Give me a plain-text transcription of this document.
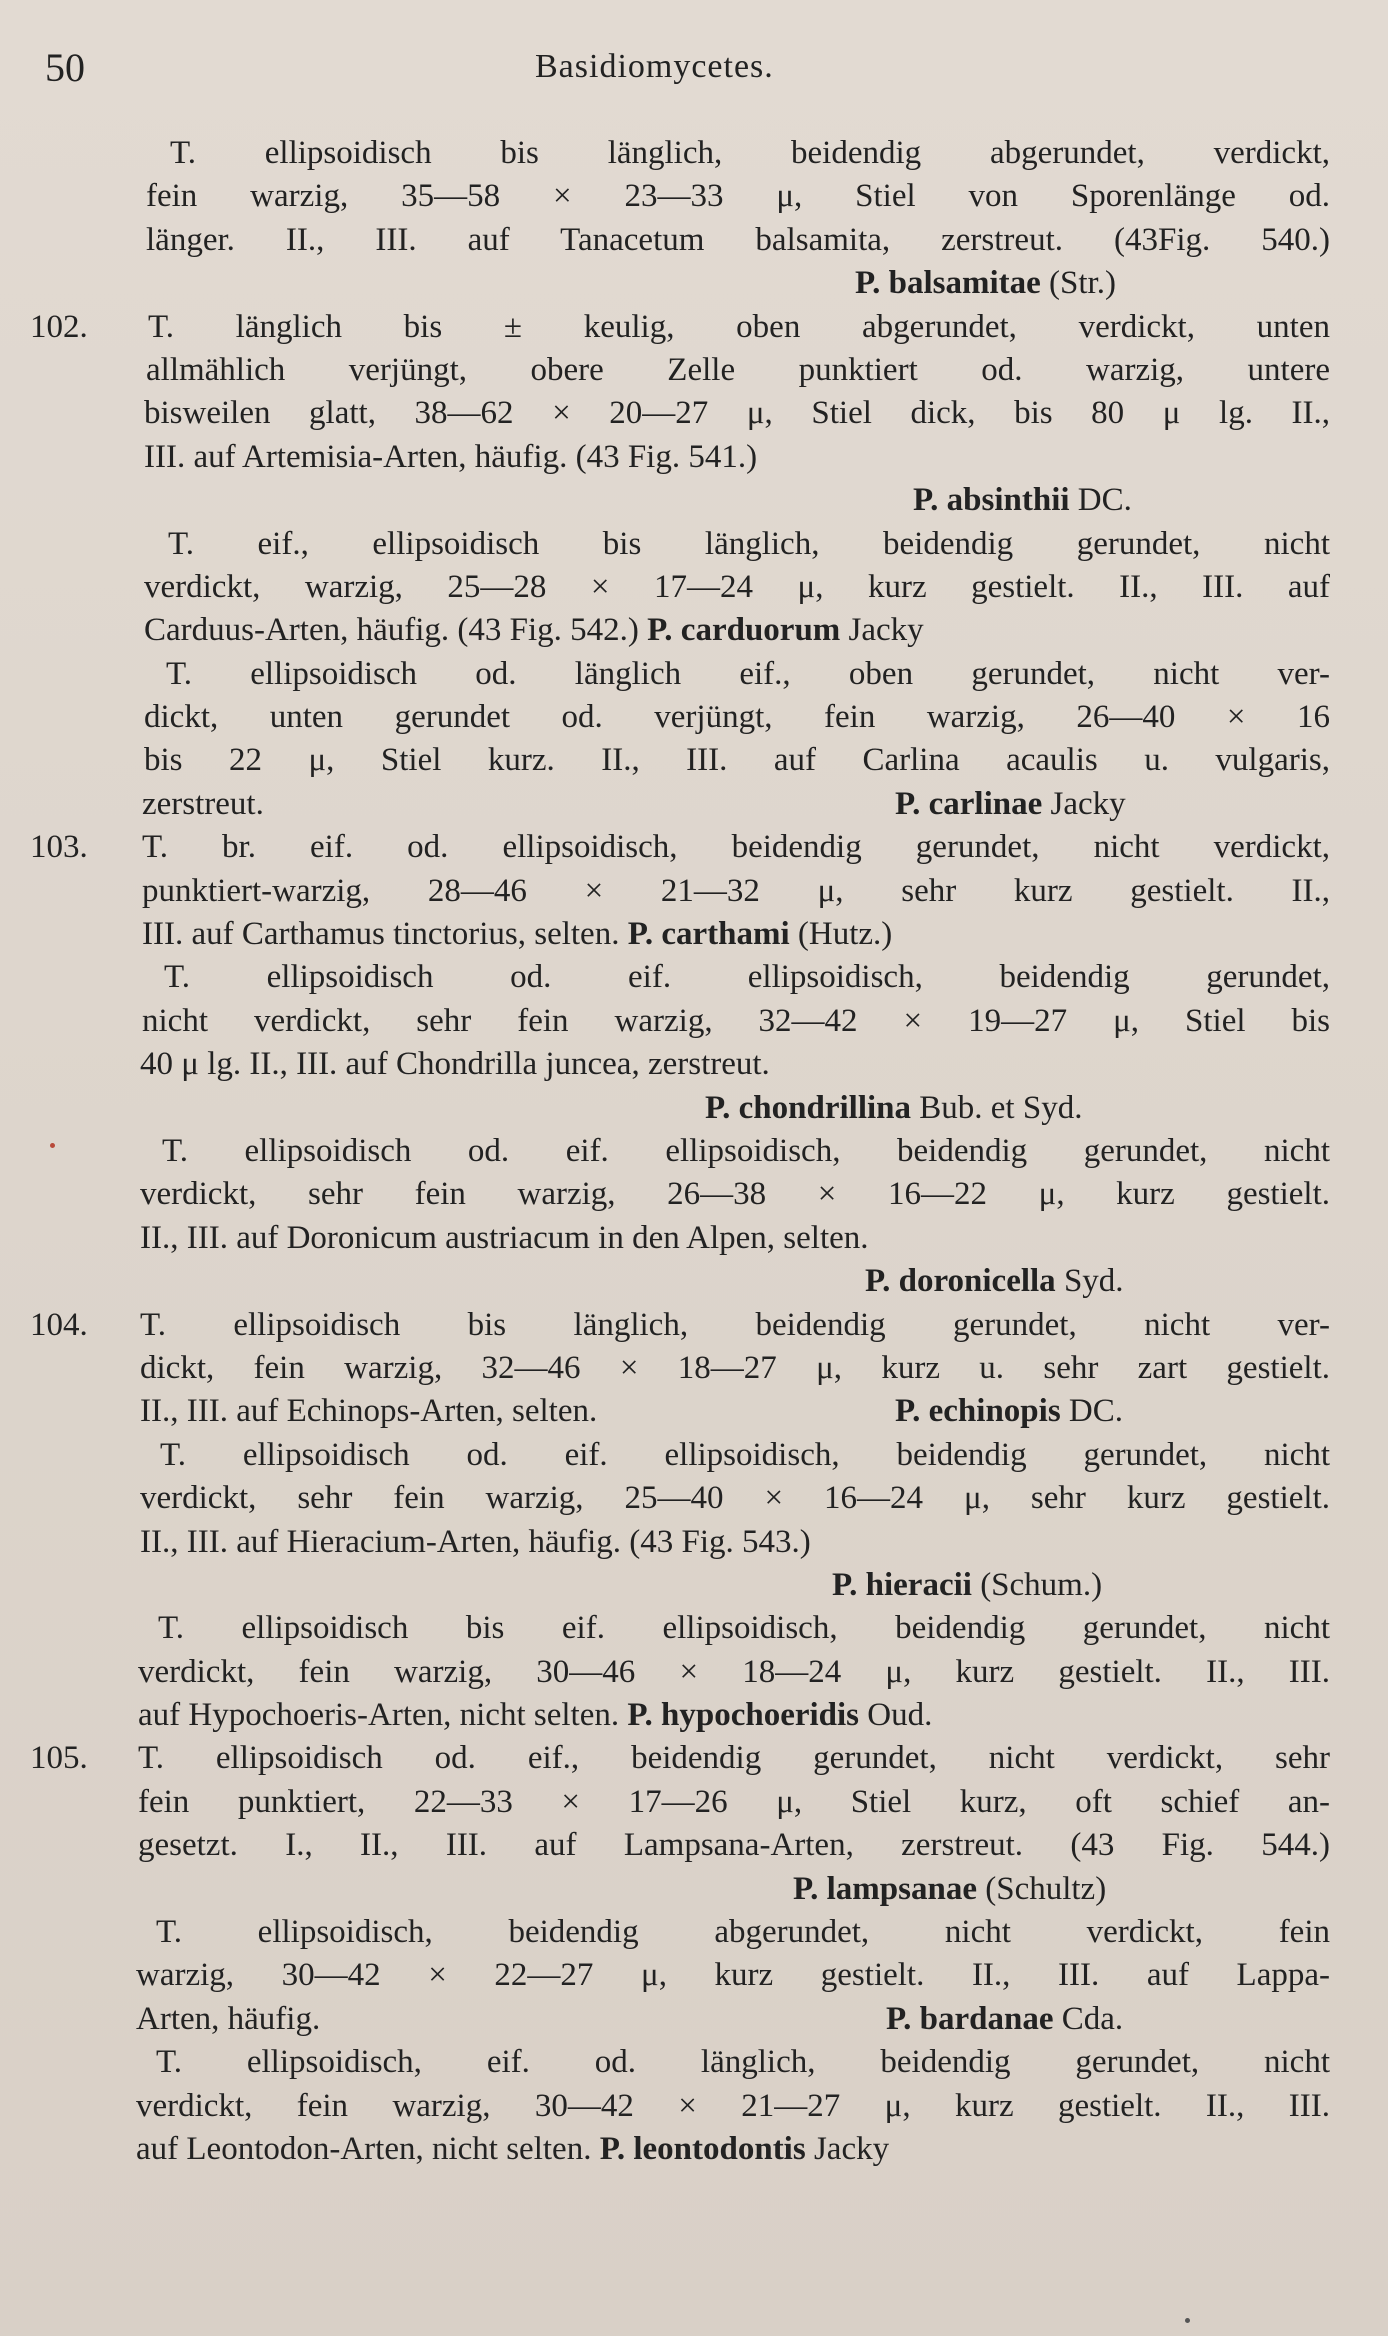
50	Basidiomycetes.
T. ellipsoidisch bis länglich, beidendig abgerundet, verdickt,
fein warzig, 35—58 × 23—33 μ, Stiel von Sporenlänge od.
länger. II., III. auf Tanacetum balsamita, zerstreut. (43Fig. 540.)
P. balsamitae (Str.)
102. T. länglich bis ± keulig, oben abgerundet, verdickt, unten
allmählich verjüngt, obere Zelle punktiert od. warzig, untere
bisweilen glatt, 38—62 × 20—27 μ, Stiel dick, bis 80 μ lg. II.,
III. auf Artemisia-Arten, häufig. (43 Fig. 541.)
P. absinthii DC.
T. eif., ellipsoidisch bis länglich, beidendig gerundet, nicht
verdickt, warzig, 25—28 × 17—24 μ, kurz gestielt. II., III. auf
Carduus-Arten, häufig. (43 Fig. 542.) P. carduorum Jacky
T. ellipsoidisch od. länglich eif., oben gerundet, nicht ver-
dickt, unten gerundet od. verjüngt, fein warzig, 26—40 × 16
bis 22 μ, Stiel kurz. II., III. auf Carlina acaulis u. vulgaris,
zerstreut.	P. carlinae Jacky
103. T. br. eif. od. ellipsoidisch, beidendig gerundet, nicht verdickt,
punktiert-warzig, 28—46 × 21—32 μ, sehr kurz gestielt. II.,
III. auf Carthamus tinctorius, selten. P. carthami (Hutz.)
T. ellipsoidisch od. eif. ellipsoidisch, beidendig gerundet,
nicht verdickt, sehr fein warzig, 32—42 × 19—27 μ, Stiel bis
40 μ lg. II., III. auf Chondrilla juncea, zerstreut.
P. chondrillina Bub. et Syd.
T. ellipsoidisch od. eif. ellipsoidisch, beidendig gerundet, nicht
verdickt, sehr fein warzig, 26—38 × 16—22 μ, kurz gestielt.
II., III. auf Doronicum austriacum in den Alpen, selten.
P. doronicella Syd.
104. T. ellipsoidisch bis länglich, beidendig gerundet, nicht ver-
dickt, fein warzig, 32—46 × 18—27 μ, kurz u. sehr zart gestielt.
II., III. auf Echinops-Arten, selten.	P. echinopis DC.
T. ellipsoidisch od. eif. ellipsoidisch, beidendig gerundet, nicht
verdickt, sehr fein warzig, 25—40 × 16—24 μ, sehr kurz gestielt.
II., III. auf Hieracium-Arten, häufig. (43 Fig. 543.)
P. hieracii (Schum.)
T. ellipsoidisch bis eif. ellipsoidisch, beidendig gerundet, nicht
verdickt, fein warzig, 30—46 × 18—24 μ, kurz gestielt. II., III.
auf Hypochoeris-Arten, nicht selten. P. hypochoeridis Oud.
105. T. ellipsoidisch od. eif., beidendig gerundet, nicht verdickt, sehr
fein punktiert, 22—33 × 17—26 μ, Stiel kurz, oft schief an-
gesetzt. I., II., III. auf Lampsana-Arten, zerstreut. (43 Fig. 544.)
P. lampsanae (Schultz)
T. ellipsoidisch, beidendig abgerundet, nicht verdickt, fein
warzig, 30—42 × 22—27 μ, kurz gestielt. II., III. auf Lappa-
Arten, häufig.	P. bardanae Cda.
T. ellipsoidisch, eif. od. länglich, beidendig gerundet, nicht
verdickt, fein warzig, 30—42 × 21—27 μ, kurz gestielt. II., III.
auf Leontodon-Arten, nicht selten. P. leontodontis Jacky
